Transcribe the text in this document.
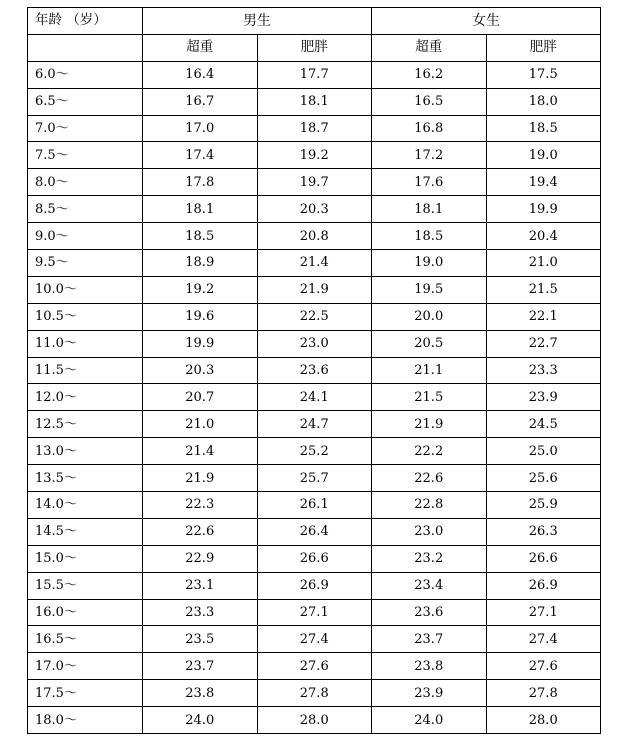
年龄 （岁）	男生		女生	
	超重	肥胖	超重	肥胖
6.0～	16.4	17.7	16.2	17.5
6.5～	16.7	18.1	16.5	18.0
7.0～	17.0	18.7	16.8	18.5
7.5～	17.4	19.2	17.2	19.0
8.0～	17.8	19.7	17.6	19.4
8.5～	18.1	20.3	18.1	19.9
9.0～	18.5	20.8	18.5	20.4
9.5～	18.9	21.4	19.0	21.0
10.0～	19.2	21.9	19.5	21.5
10.5～	19.6	22.5	20.0	22.1
11.0～	19.9	23.0	20.5	22.7
11.5～	20.3	23.6	21.1	23.3
12.0～	20.7	24.1	21.5	23.9
12.5～	21.0	24.7	21.9	24.5
13.0～	21.4	25.2	22.2	25.0
13.5～	21.9	25.7	22.6	25.6
14.0～	22.3	26.1	22.8	25.9
14.5～	22.6	26.4	23.0	26.3
15.0～	22.9	26.6	23.2	26.6
15.5～	23.1	26.9	23.4	26.9
16.0～	23.3	27.1	23.6	27.1
16.5～	23.5	27.4	23.7	27.4
17.0～	23.7	27.6	23.8	27.6
17.5～	23.8	27.8	23.9	27.8
18.0～	24.0	28.0	24.0	28.0
